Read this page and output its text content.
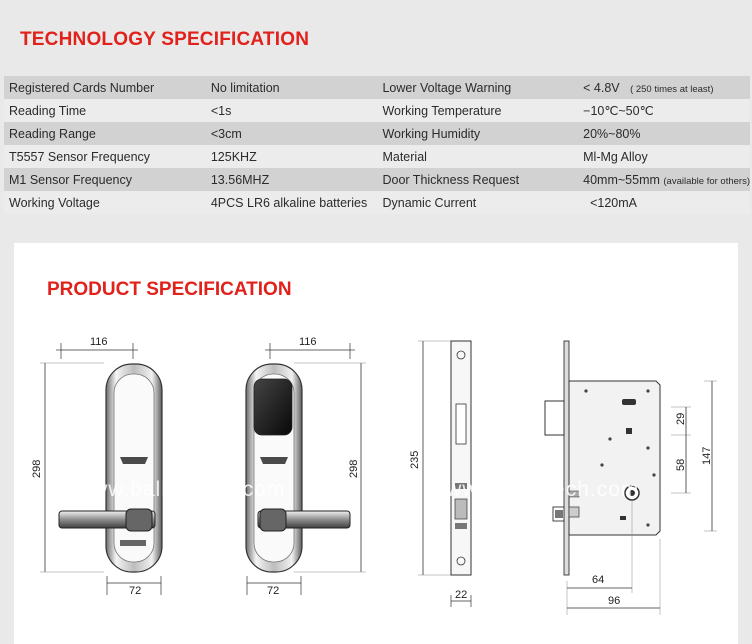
TECHNOLOGY SPECIFICATION
Registered Cards Number	No limitation	Lower Voltage Warning	< 4.8V ( 250 times at least)
Reading Time	<1s	Working Temperature	−10℃~50℃
Reading Range	<3cm	Working Humidity	20%~80%
T5557 Sensor Frequency	125KHZ	Material	Ml-Mg Alloy
M1 Sensor Frequency	13.56MHZ	Door Thickness Request	40mm~55mm (available for others)
Working Voltage	4PCS LR6 alkaline batteries	Dynamic Current	<120mA
PRODUCT SPECIFICATION
116
298
72
116
298
72
235
22
29
58 147
64
96
www.balingtech.com	www.balingtech.com
